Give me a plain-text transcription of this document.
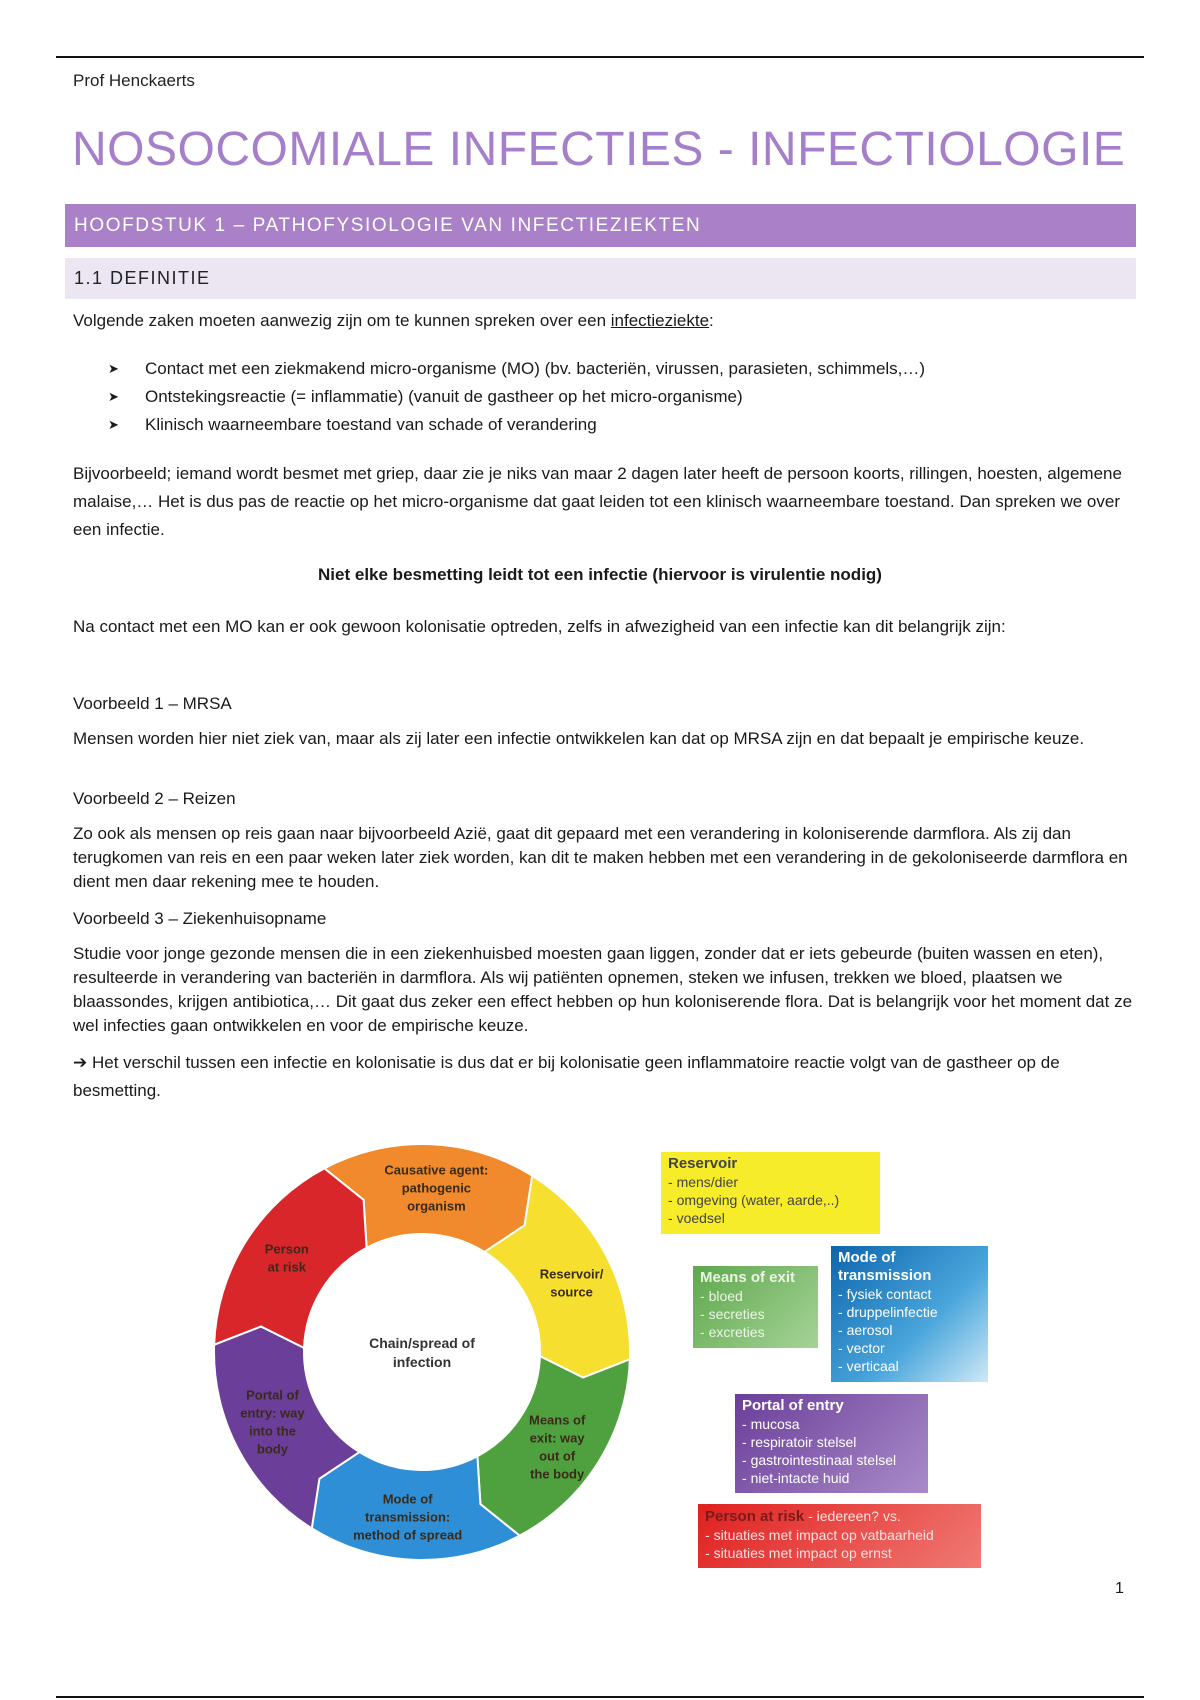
Prof Henckaerts
NOSOCOMIALE INFECTIES - INFECTIOLOGIE
HOOFDSTUK 1 – PATHOFYSIOLOGIE VAN INFECTIEZIEKTEN
1.1 DEFINITIE

Volgende zaken moeten aanwezig zijn om te kunnen spreken over een infectieziekte:

➤	Contact met een ziekmakend micro-organisme (MO) (bv. bacteriën, virussen, parasieten, schimmels,…)
➤	Ontstekingsreactie (= inflammatie) (vanuit de gastheer op het micro-organisme)
➤	Klinisch waarneembare toestand van schade of verandering

Bijvoorbeeld; iemand wordt besmet met griep, daar zie je niks van maar 2 dagen later heeft de persoon koorts, rillingen, hoesten, algemene malaise,… Het is dus pas de reactie op het micro-organisme dat gaat leiden tot een klinisch waarneembare toestand. Dan spreken we over een infectie.

Niet elke besmetting leidt tot een infectie (hiervoor is virulentie nodig)

Na contact met een MO kan er ook gewoon kolonisatie optreden, zelfs in afwezigheid van een infectie kan dit belangrijk zijn:

Voorbeeld 1 – MRSA

Mensen worden hier niet ziek van, maar als zij later een infectie ontwikkelen kan dat op MRSA zijn en dat bepaalt je empirische keuze.

Voorbeeld 2 – Reizen

Zo ook als mensen op reis gaan naar bijvoorbeeld Azië, gaat dit gepaard met een verandering in koloniserende darmflora. Als zij dan terugkomen van reis en een paar weken later ziek worden, kan dit te maken hebben met een verandering in de gekoloniseerde darmflora en dient men daar rekening mee te houden.

Voorbeeld 3 – Ziekenhuisopname

Studie voor jonge gezonde mensen die in een ziekenhuisbed moesten gaan liggen, zonder dat er iets gebeurde (buiten wassen en eten), resulteerde in verandering van bacteriën in darmflora. Als wij patiënten opnemen, steken we infusen, trekken we bloed, plaatsen we blaassondes, krijgen antibiotica,… Dit gaat dus zeker een effect hebben op hun koloniserende flora. Dat is belangrijk voor het moment dat ze wel infecties gaan ontwikkelen en voor de empirische keuze.

➔ Het verschil tussen een infectie en kolonisatie is dus dat er bij kolonisatie geen inflammatoire reactie volgt van de gastheer op de besmetting.

Chain/spread of
infection
Causative agent:
pathogenic
organism
Reservoir/
source
Means of
exit: way
out of
the body
Mode of
transmission:
method of spread
Portal of
entry: way
into the
body
Person
at risk
Reservoir
- mens/dier
- omgeving (water, aarde,..)
- voedsel
Means of exit
- bloed
- secreties
- excreties
Mode of
transmission
- fysiek contact
- druppelinfectie
- aerosol
- vector
- verticaal
Portal of entry
- mucosa
- respiratoir stelsel
- gastrointestinaal stelsel
- niet-intacte huid
Person at risk - iedereen? vs.
- situaties met impact op vatbaarheid
- situaties met impact op ernst
1
